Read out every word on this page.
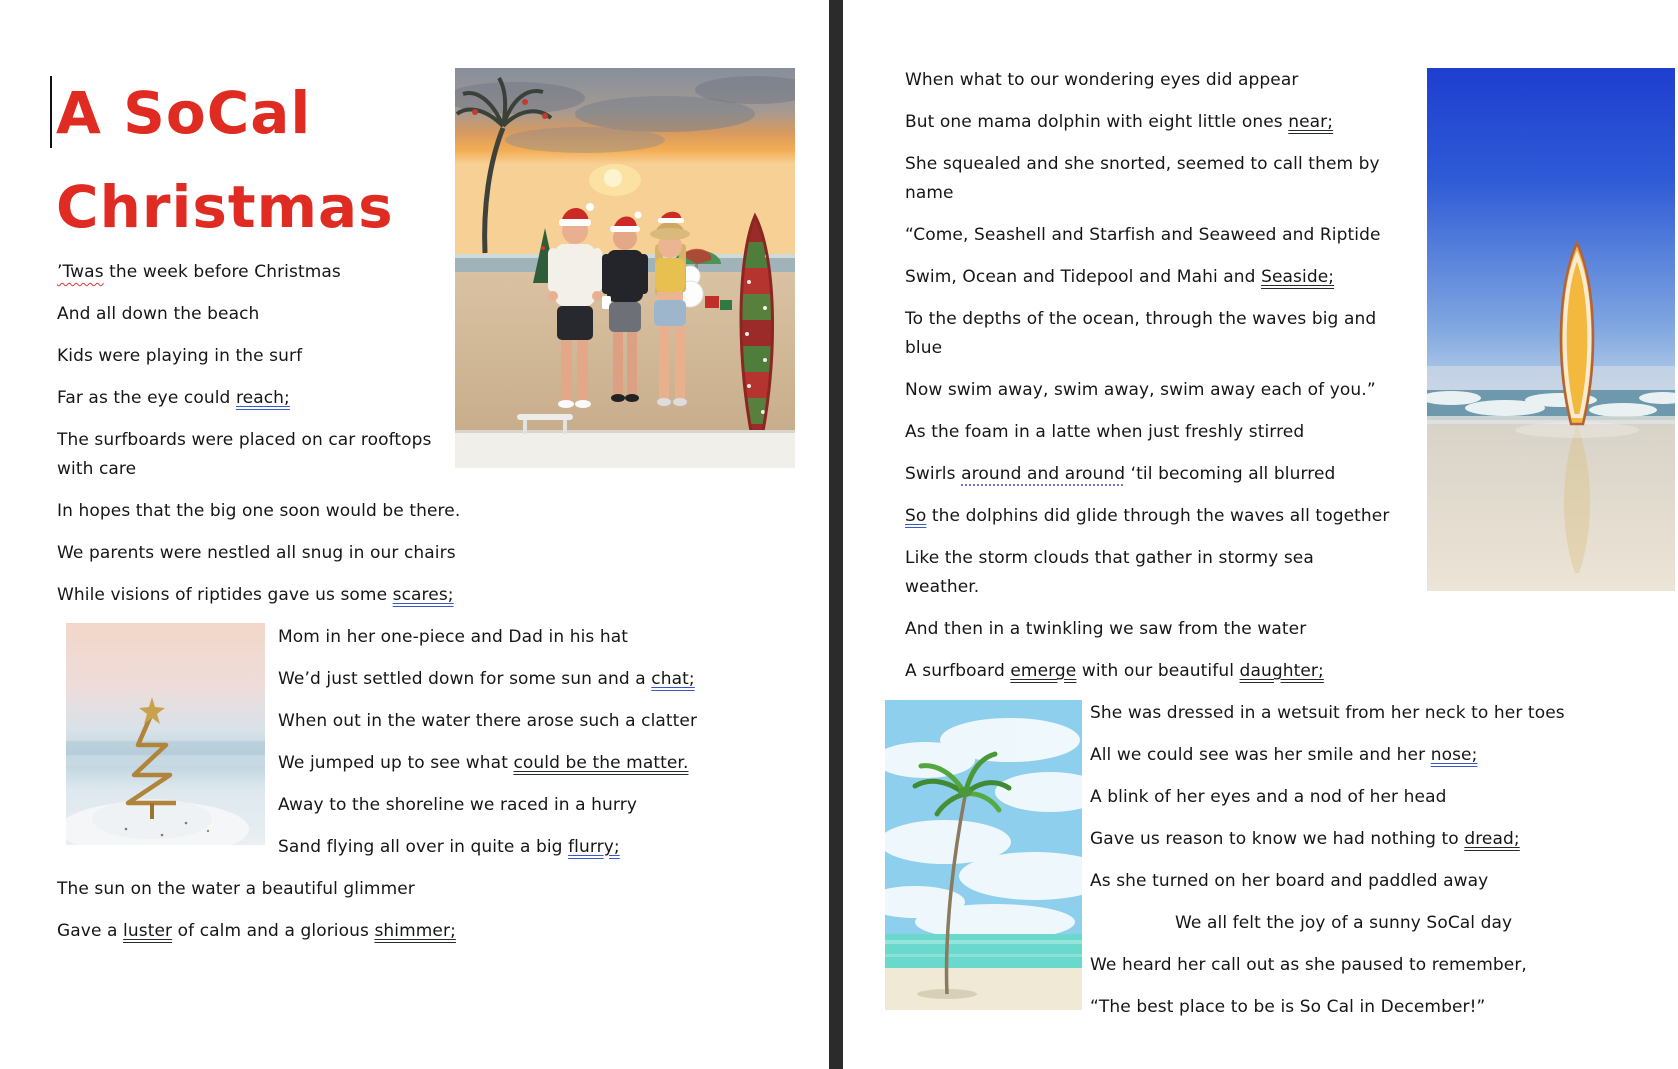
A SoCal
Christmas

’Twas the week before Christmas

And all down the beach

Kids were playing in the surf

Far as the eye could reach;

The surfboards were placed on car rooftops

with care

In hopes that the big one soon would be there.

We parents were nestled all snug in our chairs

While visions of riptides gave us some scares;

Mom in her one-piece and Dad in his hat

We’d just settled down for some sun and a chat;

When out in the water there arose such a clatter

We jumped up to see what could be the matter.

Away to the shoreline we raced in a hurry

Sand flying all over in quite a big flurry;

The sun on the water a beautiful glimmer

Gave a luster of calm and a glorious shimmer;

When what to our wondering eyes did appear

But one mama dolphin with eight little ones near;

She squealed and she snorted, seemed to call them by

name

“Come, Seashell and Starfish and Seaweed and Riptide

Swim, Ocean and Tidepool and Mahi and Seaside;

To the depths of the ocean, through the waves big and

blue

Now swim away, swim away, swim away each of you.”

As the foam in a latte when just freshly stirred

Swirls around and around ‘til becoming all blurred

So the dolphins did glide through the waves all together

Like the storm clouds that gather in stormy sea

weather.

And then in a twinkling we saw from the water

A surfboard emerge with our beautiful daughter;

She was dressed in a wetsuit from her neck to her toes

All we could see was her smile and her nose;

A blink of her eyes and a nod of her head

Gave us reason to know we had nothing to dread;

As she turned on her board and paddled away

We all felt the joy of a sunny SoCal day

We heard her call out as she paused to remember,

“The best place to be is So Cal in December!”
